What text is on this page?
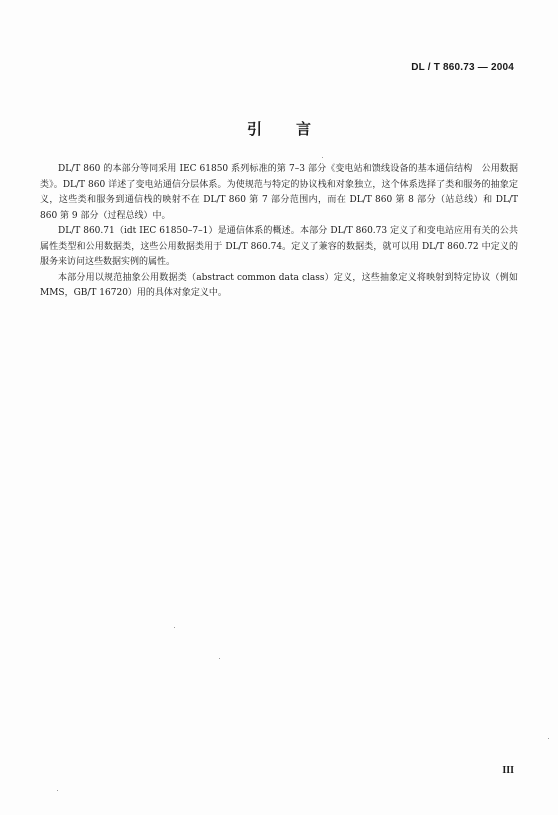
DL / T 860.73 — 2004
引言

DL/T 860 的本部分等同采用 IEC 61850 系列标准的第 7–3 部分《变电站和馈线设备的基本通信结构　公用数据类》。DL/T 860 详述了变电站通信分层体系。为使规范与特定的协议栈和对象独立，这个体系选择了类和服务的抽象定义，这些类和服务到通信栈的映射不在 DL/T 860 第 7 部分范围内，而在 DL/T 860 第 8 部分（站总线）和 DL/T 860 第 9 部分（过程总线）中。

DL/T 860.71（idt IEC 61850–7–1）是通信体系的概述。本部分 DL/T 860.73 定义了和变电站应用有关的公共属性类型和公用数据类，这些公用数据类用于 DL/T 860.74。定义了兼容的数据类，就可以用 DL/T 860.72 中定义的服务来访问这些数据实例的属性。

本部分用以规范抽象公用数据类（abstract common data class）定义，这些抽象定义将映射到特定协议（例如 MMS，GB/T 16720）用的具体对象定义中。

III
